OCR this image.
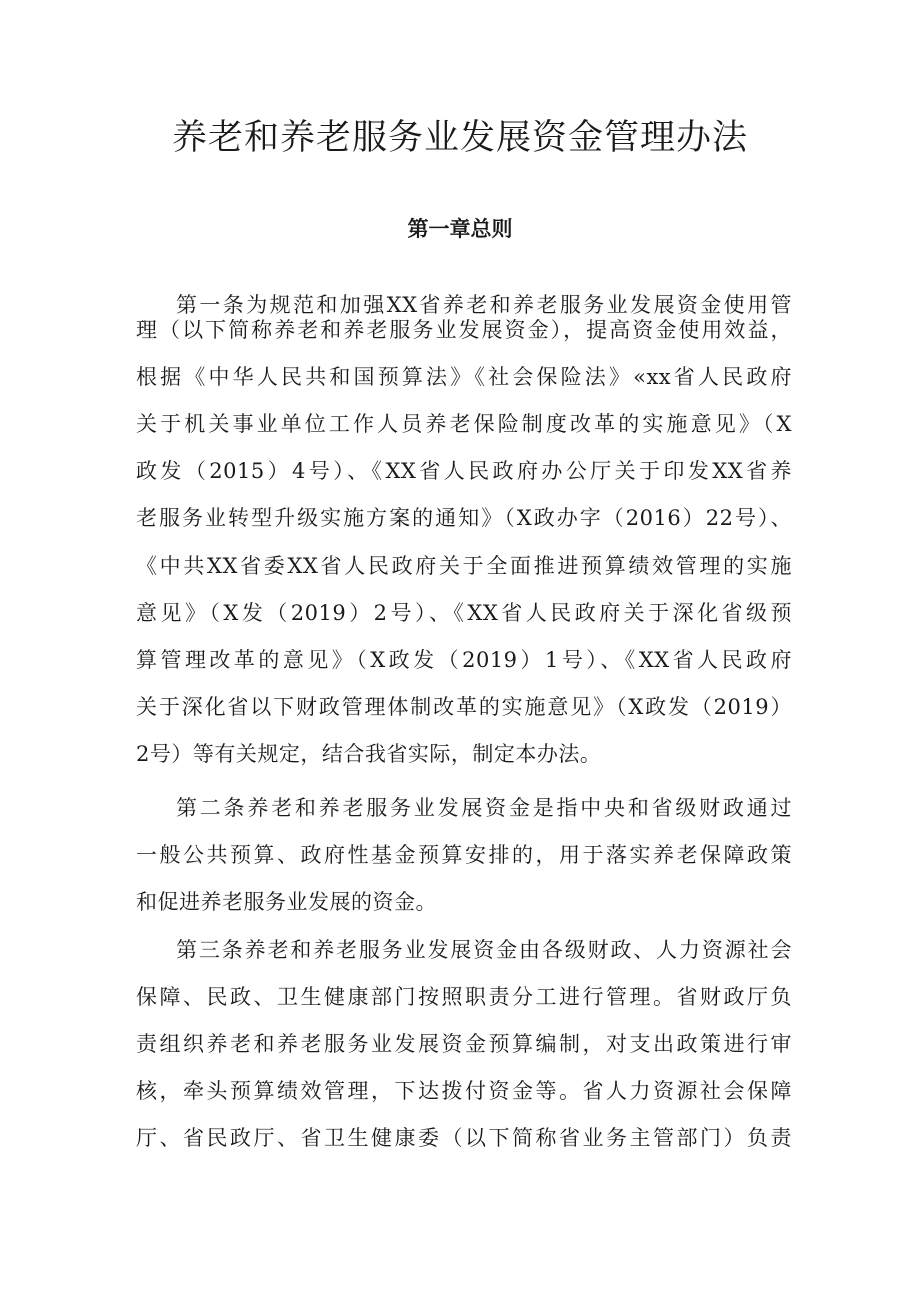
养老和养老服务业发展资金管理办法
第一章总则

第一条为规范和加强XX省养老和养老服务业发展资金使用管

理（以下简称养老和养老服务业发展资金），提高资金使用效益，

根据《中华人民共和国预算法》《社会保险法》«xx省人民政府

关于机关事业单位工作人员养老保险制度改革的实施意见》（X

政发（2015）4号）、《XX省人民政府办公厅关于印发XX省养

老服务业转型升级实施方案的通知》（X政办字（2016）22号）、

《中共XX省委XX省人民政府关于全面推进预算绩效管理的实施

意见》（X发（2019）2号）、《XX省人民政府关于深化省级预

算管理改革的意见》（X政发（2019）1号）、《XX省人民政府

关于深化省以下财政管理体制改革的实施意见》（X政发（2019）

2号）等有关规定，结合我省实际，制定本办法。

第二条养老和养老服务业发展资金是指中央和省级财政通过

一般公共预算、政府性基金预算安排的，用于落实养老保障政策

和促进养老服务业发展的资金。

第三条养老和养老服务业发展资金由各级财政、人力资源社会

保障、民政、卫生健康部门按照职责分工进行管理。省财政厅负

责组织养老和养老服务业发展资金预算编制，对支出政策进行审

核，牵头预算绩效管理，下达拨付资金等。省人力资源社会保障

厅、省民政厅、省卫生健康委（以下简称省业务主管部门）负责
